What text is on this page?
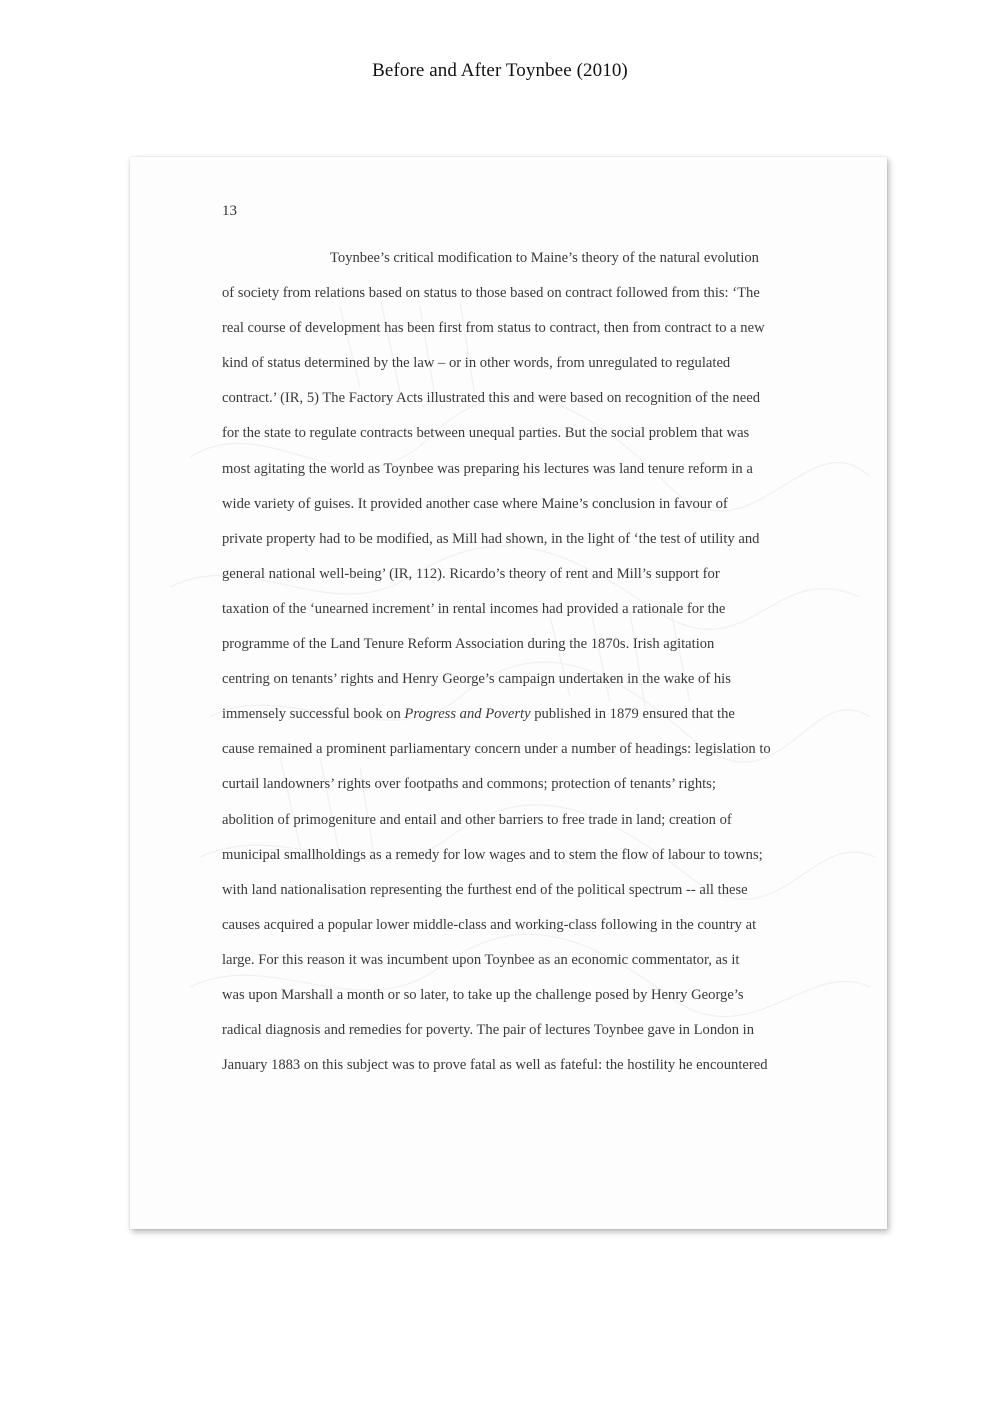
Before and After Toynbee (2010)
13
Toynbee’s critical modification to Maine’s theory of the natural evolution
of society from relations based on status to those based on contract followed from this: ‘The
real course of development has been first from status to contract, then from contract to a new
kind of status determined by the law – or in other words, from unregulated to regulated
contract.’ (IR, 5) The Factory Acts illustrated this and were based on recognition of the need
for the state to regulate contracts between unequal parties. But the social problem that was
most agitating the world as Toynbee was preparing his lectures was land tenure reform in a
wide variety of guises. It provided another case where Maine’s conclusion in favour of
private property had to be modified, as Mill had shown, in the light of ‘the test of utility and
general national well-being’ (IR, 112). Ricardo’s theory of rent and Mill’s support for
taxation of the ‘unearned increment’ in rental incomes had provided a rationale for the
programme of the Land Tenure Reform Association during the 1870s. Irish agitation
centring on tenants’ rights and Henry George’s campaign undertaken in the wake of his
immensely successful book on Progress and Poverty published in 1879 ensured that the
cause remained a prominent parliamentary concern under a number of headings: legislation to
curtail landowners’ rights over footpaths and commons; protection of tenants’ rights;
abolition of primogeniture and entail and other barriers to free trade in land; creation of
municipal smallholdings as a remedy for low wages and to stem the flow of labour to towns;
with land nationalisation representing the furthest end of the political spectrum -- all these
causes acquired a popular lower middle-class and working-class following in the country at
large. For this reason it was incumbent upon Toynbee as an economic commentator, as it
was upon Marshall a month or so later, to take up the challenge posed by Henry George’s
radical diagnosis and remedies for poverty. The pair of lectures Toynbee gave in London in
January 1883 on this subject was to prove fatal as well as fateful: the hostility he encountered
